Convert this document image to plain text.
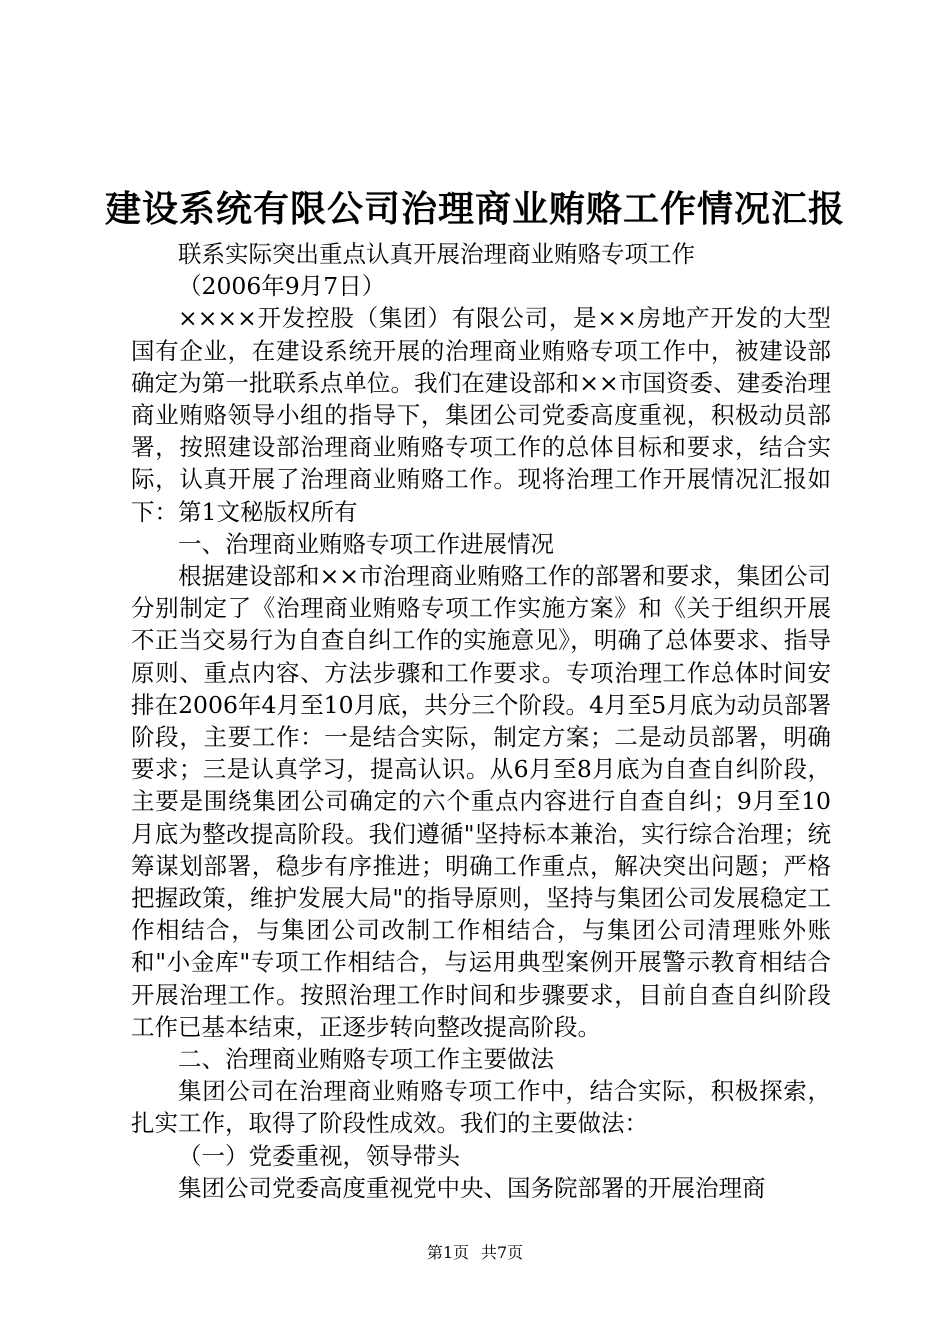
建设系统有限公司治理商业贿赂工作情况汇报

联系实际突出重点认真开展治理商业贿赂专项工作

（2006年9月7日）

××××开发控股（集团）有限公司，是××房地产开发的大型国有企业，在建设系统开展的治理商业贿赂专项工作中，被建设部确定为第一批联系点单位。我们在建设部和××市国资委、建委治理商业贿赂领导小组的指导下，集团公司党委高度重视，积极动员部署，按照建设部治理商业贿赂专项工作的总体目标和要求，结合实际，认真开展了治理商业贿赂工作。现将治理工作开展情况汇报如下：第1文秘版权所有

一、治理商业贿赂专项工作进展情况

根据建设部和××市治理商业贿赂工作的部署和要求，集团公司分别制定了《治理商业贿赂专项工作实施方案》和《关于组织开展不正当交易行为自查自纠工作的实施意见》，明确了总体要求、指导原则、重点内容、方法步骤和工作要求。专项治理工作总体时间安排在2006年4月至10月底，共分三个阶段。4月至5月底为动员部署阶段，主要工作：一是结合实际，制定方案；二是动员部署，明确要求；三是认真学习，提高认识。从6月至8月底为自查自纠阶段，主要是围绕集团公司确定的六个重点内容进行自查自纠；9月至10月底为整改提高阶段。我们遵循"坚持标本兼治，实行综合治理；统筹谋划部署，稳步有序推进；明确工作重点，解决突出问题；严格把握政策，维护发展大局"的指导原则，坚持与集团公司发展稳定工作相结合，与集团公司改制工作相结合，与集团公司清理账外账和"小金库"专项工作相结合，与运用典型案例开展警示教育相结合开展治理工作。按照治理工作时间和步骤要求，目前自查自纠阶段工作已基本结束，正逐步转向整改提高阶段。

二、治理商业贿赂专项工作主要做法

集团公司在治理商业贿赂专项工作中，结合实际，积极探索，扎实工作，取得了阶段性成效。我们的主要做法：

（一）党委重视，领导带头

集团公司党委高度重视党中央、国务院部署的开展治理商

第1页 共7页
